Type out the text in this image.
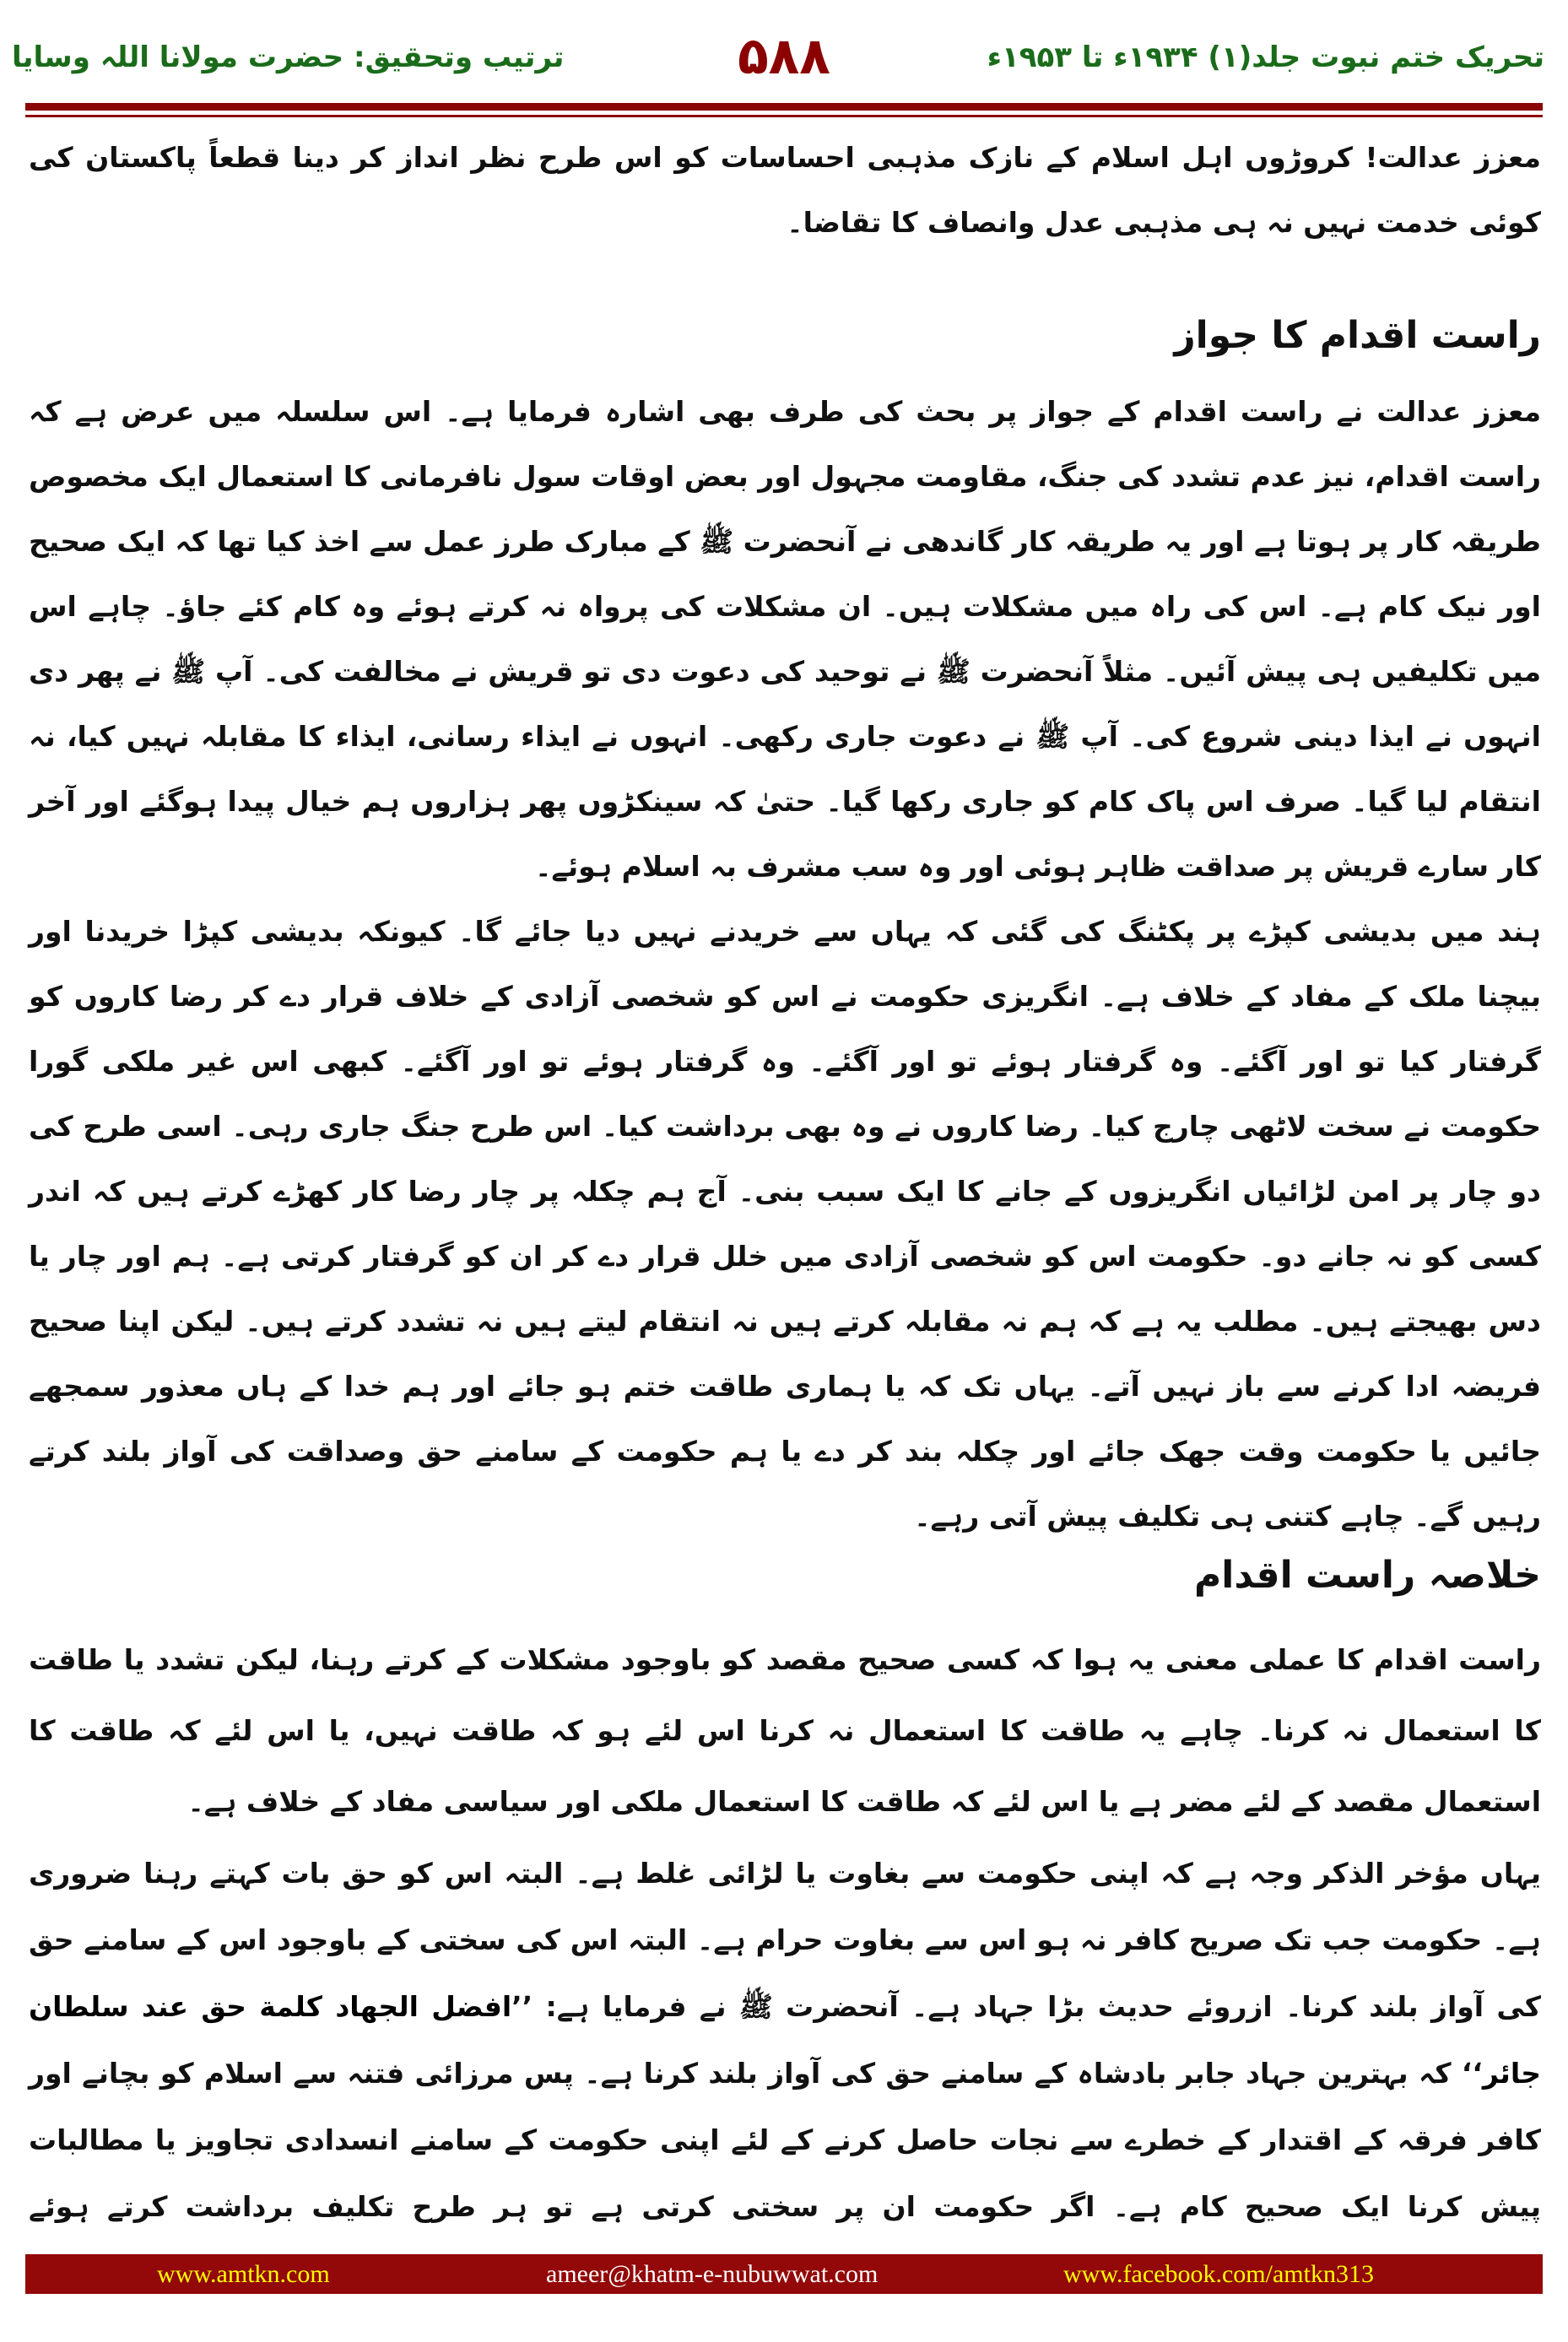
ترتیب وتحقیق: حضرت مولانا اللہ وسایا	۵۸۸	تحریک ختم نبوت جلد(۱) ۱۹۳۴ء تا ۱۹۵۳ء
معزز عدالت! کروڑوں اہل اسلام کے نازک مذہبی احساسات کو اس طرح نظر انداز کر دینا قطعاً پاکستان کی کوئی خدمت نہیں نہ ہی مذہبی عدل وانصاف کا تقاضا۔
راست اقدام کا جواز
معزز عدالت نے راست اقدام کے جواز پر بحث کی طرف بھی اشارہ فرمایا ہے۔ اس سلسلہ میں عرض ہے کہ راست اقدام، نیز عدم تشدد کی جنگ، مقاومت مجہول اور بعض اوقات سول نافرمانی کا استعمال ایک مخصوص طریقہ کار پر ہوتا ہے اور یہ طریقہ کار گاندھی نے آنحضرت ﷺ کے مبارک طرز عمل سے اخذ کیا تھا کہ ایک صحیح اور نیک کام ہے۔ اس کی راہ میں مشکلات ہیں۔ ان مشکلات کی پرواہ نہ کرتے ہوئے وہ کام کئے جاؤ۔ چاہے اس میں تکلیفیں ہی پیش آئیں۔ مثلاً آنحضرت ﷺ نے توحید کی دعوت دی تو قریش نے مخالفت کی۔ آپ ﷺ نے پھر دی انہوں نے ایذا دینی شروع کی۔ آپ ﷺ نے دعوت جاری رکھی۔ انہوں نے ایذاء رسانی، ایذاء کا مقابلہ نہیں کیا، نہ انتقام لیا گیا۔ صرف اس پاک کام کو جاری رکھا گیا۔ حتیٰ کہ سینکڑوں پھر ہزاروں ہم خیال پیدا ہوگئے اور آخر کار سارے قریش پر صداقت ظاہر ہوئی اور وہ سب مشرف بہ اسلام ہوئے۔
ہند میں بدیشی کپڑے پر پکٹنگ کی گئی کہ یہاں سے خریدنے نہیں دیا جائے گا۔ کیونکہ بدیشی کپڑا خریدنا اور بیچنا ملک کے مفاد کے خلاف ہے۔ انگریزی حکومت نے اس کو شخصی آزادی کے خلاف قرار دے کر رضا کاروں کو گرفتار کیا تو اور آگئے۔ وہ گرفتار ہوئے تو اور آگئے۔ وہ گرفتار ہوئے تو اور آگئے۔ کبھی اس غیر ملکی گورا حکومت نے سخت لاٹھی چارج کیا۔ رضا کاروں نے وہ بھی برداشت کیا۔ اس طرح جنگ جاری رہی۔ اسی طرح کی دو چار پر امن لڑائیاں انگریزوں کے جانے کا ایک سبب بنی۔ آج ہم چکلہ پر چار رضا کار کھڑے کرتے ہیں کہ اندر کسی کو نہ جانے دو۔ حکومت اس کو شخصی آزادی میں خلل قرار دے کر ان کو گرفتار کرتی ہے۔ ہم اور چار یا دس بھیجتے ہیں۔ مطلب یہ ہے کہ ہم نہ مقابلہ کرتے ہیں نہ انتقام لیتے ہیں نہ تشدد کرتے ہیں۔ لیکن اپنا صحیح فریضہ ادا کرنے سے باز نہیں آتے۔ یہاں تک کہ یا ہماری طاقت ختم ہو جائے اور ہم خدا کے ہاں معذور سمجھے جائیں یا حکومت وقت جھک جائے اور چکلہ بند کر دے یا ہم حکومت کے سامنے حق وصداقت کی آواز بلند کرتے رہیں گے۔ چاہے کتنی ہی تکلیف پیش آتی رہے۔
خلاصہ راست اقدام
راست اقدام کا عملی معنی یہ ہوا کہ کسی صحیح مقصد کو باوجود مشکلات کے کرتے رہنا، لیکن تشدد یا طاقت کا استعمال نہ کرنا۔ چاہے یہ طاقت کا استعمال نہ کرنا اس لئے ہو کہ طاقت نہیں، یا اس لئے کہ طاقت کا استعمال مقصد کے لئے مضر ہے یا اس لئے کہ طاقت کا استعمال ملکی اور سیاسی مفاد کے خلاف ہے۔
یہاں مؤخر الذکر وجہ ہے کہ اپنی حکومت سے بغاوت یا لڑائی غلط ہے۔ البتہ اس کو حق بات کہتے رہنا ضروری ہے۔ حکومت جب تک صریح کافر نہ ہو اس سے بغاوت حرام ہے۔ البتہ اس کی سختی کے باوجود اس کے سامنے حق کی آواز بلند کرنا۔ ازروئے حدیث بڑا جہاد ہے۔ آنحضرت ﷺ نے فرمایا ہے: ’’افضل الجهاد كلمة حق عند سلطان جائر‘‘ کہ بہترین جہاد جابر بادشاہ کے سامنے حق کی آواز بلند کرنا ہے۔ پس مرزائی فتنہ سے اسلام کو بچانے اور کافر فرقہ کے اقتدار کے خطرے سے نجات حاصل کرنے کے لئے اپنی حکومت کے سامنے انسدادی تجاویز یا مطالبات پیش کرنا ایک صحیح کام ہے۔ اگر حکومت ان پر سختی کرتی ہے تو ہر طرح تکلیف برداشت کرتے ہوئے
www.amtkn.com	ameer@khatm-e-nubuwwat.com	www.facebook.com/amtkn313
